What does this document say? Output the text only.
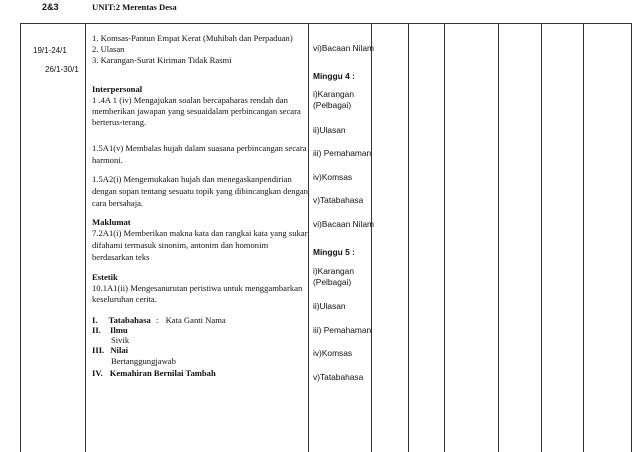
2&3
19/1-24/1
26/1-30/1
UNIT:2 Merentas Desa
1. Komsas-Pantun Empat Kerat (Muhibah dan Perpaduan)
2. Ulasan
3. Karangan-Surat Kiriman Tidak Rasmi
Interpersonal
1 .4A 1 (iv) Mengajukan soalan bercapaharas rendah dan
memberikan jawapan yang sesuaidalam perbincangan secara
berterus-terang.
1.5A1(v) Membalas hujah dalam suasana perbincangan secara
harmoni.
1.5A2(i) Mengemukakan hujah dan menegaskanpendirian
dengan sopan tentang sesuatu topik yang dibincangkan dengan
cara bersahaja.
Maklumat
7.2A1(i) Memberikan makna kata dan rangkai kata yang sukar
difahami termasuk sinonim, antonim dan homonim
berdasarkan teks
Estetik
10.1A1(ii) Mengesanurutan peristiwa untuk menggambarkan
keseluruhan cerita.
I. Tatabahasa : Kata Ganti Nama
II. Ilmu
Sivik
III. Nilai
Bertanggungjawab
IV. Kemahiran Bernilai Tambah
vi)Bacaan Nilam
Minggu 4 :
i)Karangan
(Pelbagai)
ii)Ulasan
iii) Pemahaman
iv)Komsas
v)Tatabahasa
vi)Bacaan Nilam
Minggu 5 :
i)Karangan
(Pelbagai)
ii)Ulasan
iii) Pemahaman
iv)Komsas
v)Tatabahasa
